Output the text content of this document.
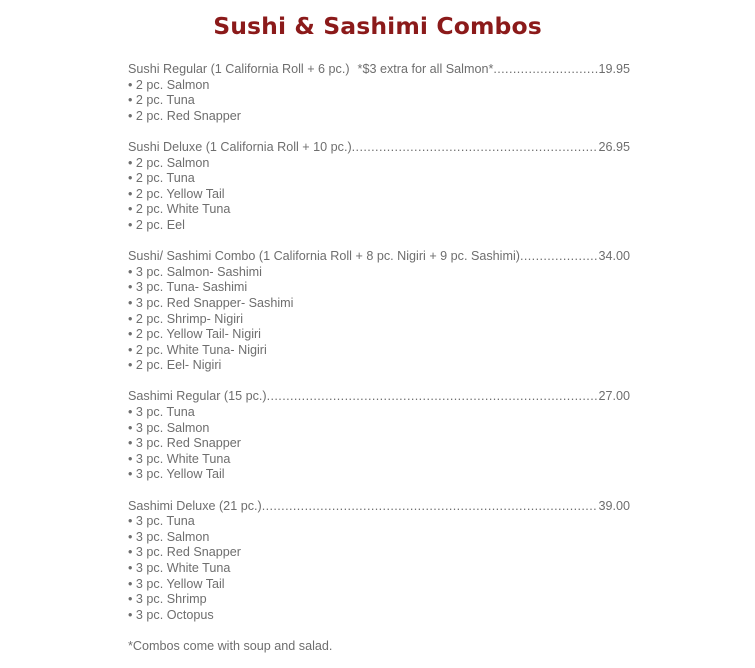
Sushi & Sashimi Combos
Sushi Regular (1 California Roll + 6 pc.) *$3 extra for all Salmon* .....	19.95
• 2 pc. Salmon
• 2 pc. Tuna
• 2 pc. Red Snapper
Sushi Deluxe (1 California Roll + 10 pc.) .....	26.95
• 2 pc. Salmon
• 2 pc. Tuna
• 2 pc. Yellow Tail
• 2 pc. White Tuna
• 2 pc. Eel
Sushi/ Sashimi Combo (1 California Roll + 8 pc. Nigiri + 9 pc. Sashimi) .....	34.00
• 3 pc. Salmon- Sashimi
• 3 pc. Tuna- Sashimi
• 3 pc. Red Snapper- Sashimi
• 2 pc. Shrimp- Nigiri
• 2 pc. Yellow Tail- Nigiri
• 2 pc. White Tuna- Nigiri
• 2 pc. Eel- Nigiri
Sashimi Regular (15 pc.) .....	27.00
• 3 pc. Tuna
• 3 pc. Salmon
• 3 pc. Red Snapper
• 3 pc. White Tuna
• 3 pc. Yellow Tail
Sashimi Deluxe (21 pc.) .....	39.00
• 3 pc. Tuna
• 3 pc. Salmon
• 3 pc. Red Snapper
• 3 pc. White Tuna
• 3 pc. Yellow Tail
• 3 pc. Shrimp
• 3 pc. Octopus
*Combos come with soup and salad.
